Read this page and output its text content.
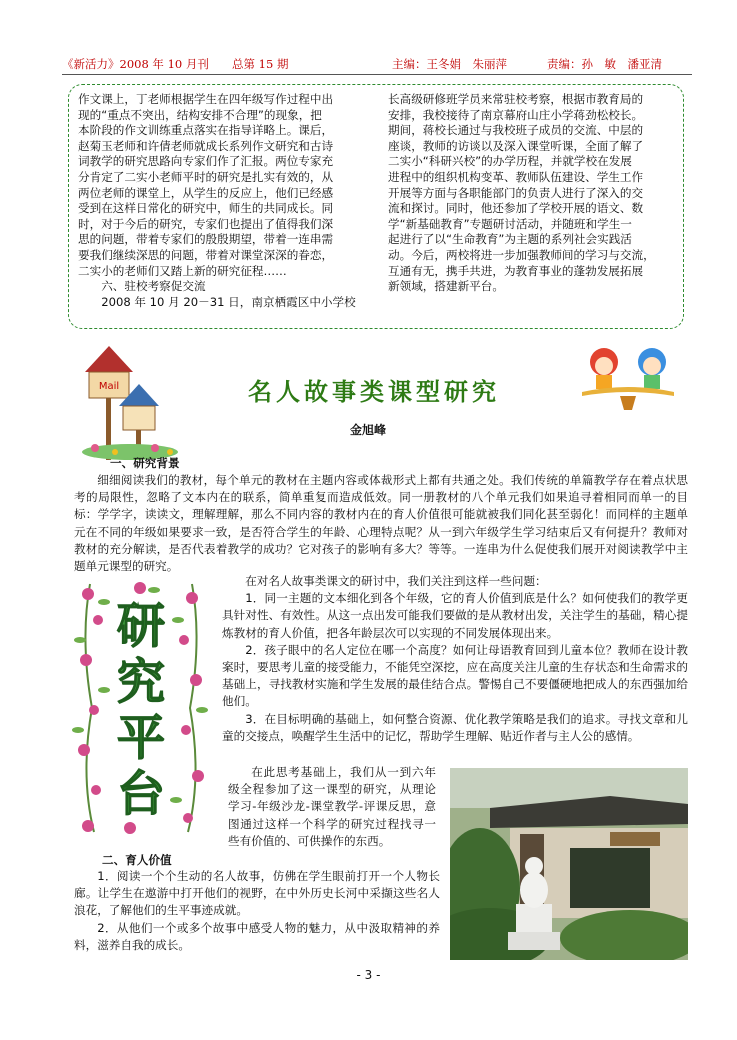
《新活力》2008 年 10 月刊 总第 15 期	主编：王冬娟　朱丽萍	责编：孙　敏　潘亚清

作文课上，丁老师根据学生在四年级写作过程中出

现的“重点不突出，结构安排不合理”的现象，把

本阶段的作文训练重点落实在指导详略上。课后，

赵菊玉老师和许倩老师就成长系列作文研究和古诗

词教学的研究思路向专家们作了汇报。两位专家充

分肯定了二实小老师平时的研究是扎实有效的，从

两位老师的课堂上，从学生的反应上，他们已经感

受到在这样日常化的研究中，师生的共同成长。同

时，对于今后的研究，专家们也提出了值得我们深

思的问题，带着专家们的殷殷期望，带着一连串需

要我们继续深思的问题，带着对课堂深深的眷恋，

二实小的老师们又踏上新的研究征程……

六、驻校考察促交流

2008 年 10 月 20－31 日，南京栖霞区中小学校

长高级研修班学员来常驻校考察，根据市教育局的

安排，我校接待了南京幕府山庄小学蒋劲松校长。

期间，蒋校长通过与我校班子成员的交流、中层的

座谈，教师的访谈以及深入课堂听课，全面了解了

二实小“科研兴校”的办学历程，并就学校在发展

进程中的组织机构变革、教师队伍建设、学生工作

开展等方面与各职能部门的负责人进行了深入的交

流和探讨。同时，他还参加了学校开展的语文、数

学“新基础教育”专题研讨活动，并随班和学生一

起进行了以“生命教育”为主题的系列社会实践活

动。今后，两校将进一步加强教师间的学习与交流，

互通有无，携手共进，为教育事业的蓬勃发展拓展

新领域，搭建新平台。

Mail	名人故事类课型研究
金旭峰
一、研究背景

细细阅读我们的教材，每个单元的教材在主题内容或体裁形式上都有共通之处。我们传统的单篇教学存在着点状思考的局限性，忽略了文本内在的联系，简单重复而造成低效。同一册教材的八个单元我们如果追寻着相同而单一的目标：学学字，读读文，理解理解，那么不同内容的教材内在的育人价值很可能就被我们同化甚至弱化！而同样的主题单元在不同的年级如果要求一致，是否符合学生的年龄、心理特点呢？从一到六年级学生学习结束后又有何提升？教师对教材的充分解读，是否代表着教学的成功？它对孩子的影响有多大？等等。一连串为什么促使我们展开对阅读教学中主题单元课型的研究。

研
究
平
台

在对名人故事类课文的研讨中，我们关注到这样一些问题：

1．同一主题的文本细化到各个年级，它的育人价值到底是什么？如何使我们的教学更具针对性、有效性。从这一点出发可能我们要做的是从教材出发，关注学生的基础，精心提炼教材的育人价值，把各年龄层次可以实现的不同发展体现出来。

2．孩子眼中的名人定位在哪一个高度？如何让母语教育回到儿童本位？教师在设计教案时，要思考儿童的接受能力，不能凭空深挖，应在高度关注儿童的生存状态和生命需求的基础上，寻找教材实施和学生发展的最佳结合点。警惕自己不要僵硬地把成人的东西强加给他们。

3．在目标明确的基础上，如何整合资源、优化教学策略是我们的追求。寻找文章和儿童的交接点，唤醒学生生活中的记忆，帮助学生理解、贴近作者与主人公的感情。

在此思考基础上，我们从一到六年级全程参加了这一课型的研究，从理论学习-年级沙龙-课堂教学-评课反思，意图通过这样一个科学的研究过程找寻一些有价值的、可供操作的东西。

二、育人价值

1．阅读一个个生动的名人故事，仿佛在学生眼前打开一个人物长廊。让学生在遨游中打开他们的视野，在中外历史长河中采撷这些名人浪花，了解他们的生平事迹成就。

2．从他们一个或多个故事中感受人物的魅力，从中汲取精神的养料，滋养自我的成长。

- 3 -
